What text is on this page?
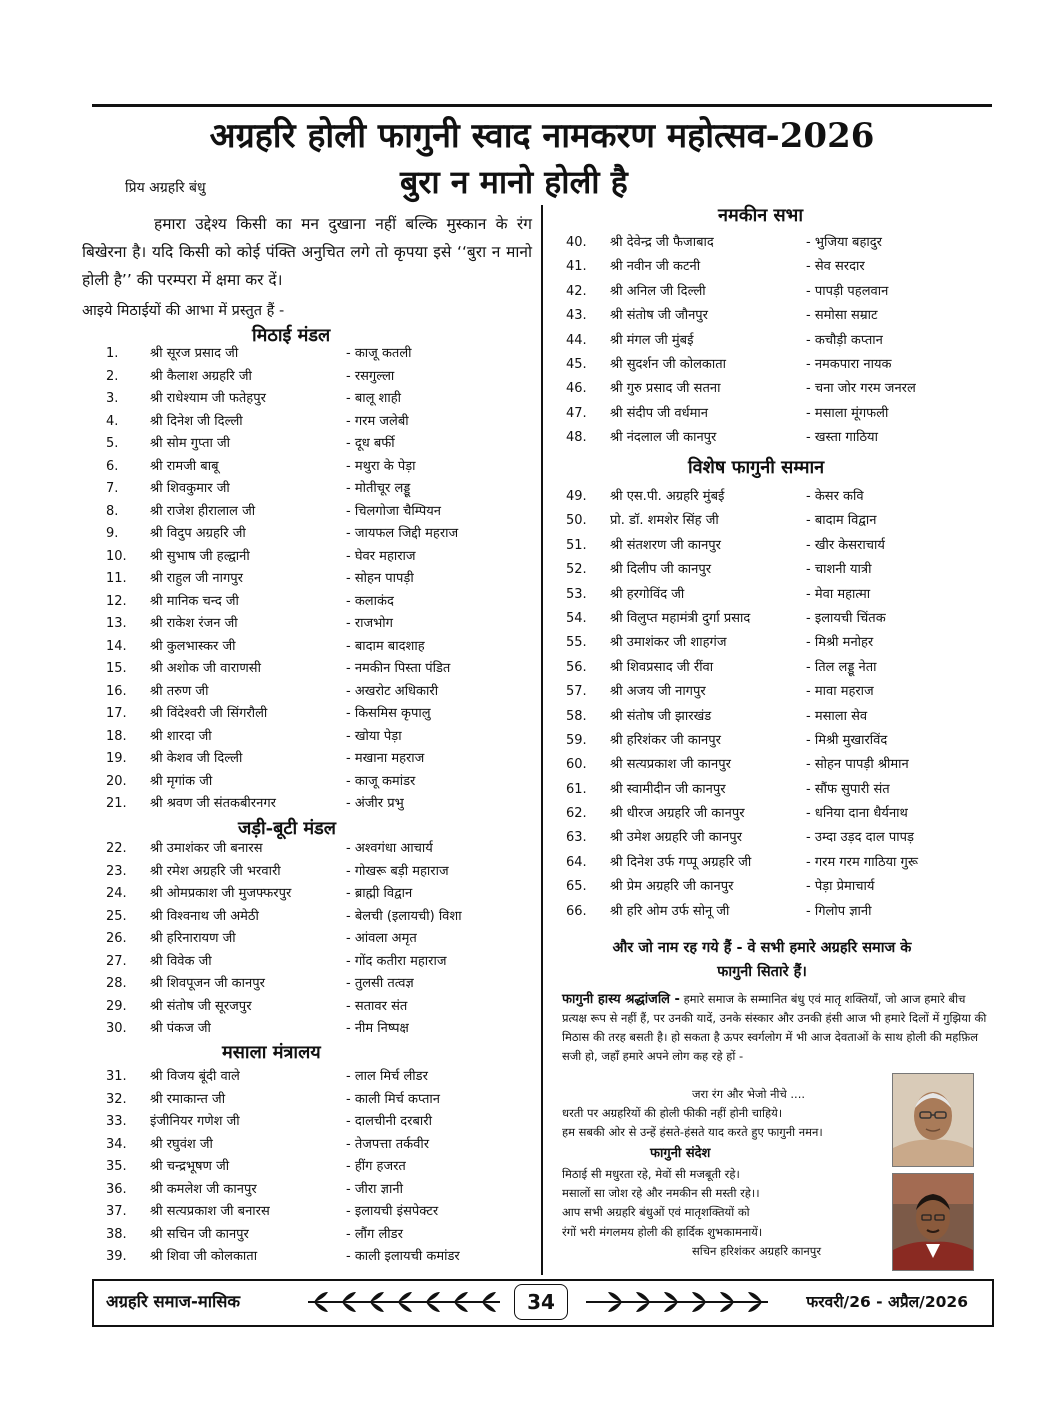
अग्रहरि होली फागुनी स्वाद नामकरण महोत्सव-2026
प्रिय अग्रहरि बंधु	बुरा न मानो होली है

हमारा उद्देश्य किसी का मन दुखाना नहीं बल्कि मुस्कान के रंग बिखेरना है। यदि किसी को कोई पंक्ति अनुचित लगे तो कृपया इसे ‘‘बुरा न मानो होली है’’ की परम्परा में क्षमा कर दें।

आइये मिठाईयों की आभा में प्रस्तुत हैं -
मिठाई मंडल
1. श्री सूरज प्रसाद जी	- काजू कतली
2. श्री कैलाश अग्रहरि जी	- रसगुल्ला
3. श्री राधेश्याम जी फतेहपुर	- बालू शाही
4. श्री दिनेश जी दिल्ली	- गरम जलेबी
5. श्री सोम गुप्ता जी	- दूध बर्फी
6. श्री रामजी बाबू	- मथुरा के पेड़ा
7. श्री शिवकुमार जी	- मोतीचूर लड्डू
8. श्री राजेश हीरालाल जी	- चिलगोजा चैम्पियन
9. श्री विदुप अग्रहरि जी	- जायफल जिद्दी महराज
10. श्री सुभाष जी हल्द्वानी	- घेवर महाराज
11. श्री राहुल जी नागपुर	- सोहन पापड़ी
12. श्री मानिक चन्द जी	- कलाकंद
13. श्री राकेश रंजन जी	- राजभोग
14. श्री कुलभास्कर जी	- बादाम बादशाह
15. श्री अशोक जी वाराणसी	- नमकीन पिस्ता पंडित
16. श्री तरुण जी	- अखरोट अधिकारी
17. श्री विंदेश्वरी जी सिंगरौली	- किसमिस कृपालु
18. श्री शारदा जी	- खोया पेड़ा
19. श्री केशव जी दिल्ली	- मखाना महराज
20. श्री मृगांक जी	- काजू कमांडर
21. श्री श्रवण जी संतकबीरनगर	- अंजीर प्रभु
जड़ी-बूटी मंडल
22. श्री उमाशंकर जी बनारस	- अश्वगंधा आचार्य
23. श्री रमेश अग्रहरि जी भरवारी	- गोखरू बड़ी महाराज
24. श्री ओमप्रकाश जी मुजफ्फरपुर	- ब्राह्मी विद्वान
25. श्री विश्वनाथ जी अमेठी	- बेलची (इलायची) विशा
26. श्री हरिनारायण जी	- आंवला अमृत
27. श्री विवेक जी	- गोंद कतीरा महाराज
28. श्री शिवपूजन जी कानपुर	- तुलसी तत्वज्ञ
29. श्री संतोष जी सूरजपुर	- सतावर संत
30. श्री पंकज जी	- नीम निष्पक्ष
मसाला मंत्रालय
31. श्री विजय बूंदी वाले	- लाल मिर्च लीडर
32. श्री रमाकान्त जी	- काली मिर्च कप्तान
33. इंजीनियर गणेश जी	- दालचीनी दरबारी
34. श्री रघुवंश जी	- तेजपत्ता तर्कवीर
35. श्री चन्द्रभूषण जी	- हींग हजरत
36. श्री कमलेश जी कानपुर	- जीरा ज्ञानी
37. श्री सत्यप्रकाश जी बनारस	- इलायची इंसपेक्टर
38. श्री सचिन जी कानपुर	- लौंग लीडर
39. श्री शिवा जी कोलकाता	- काली इलायची कमांडर
नमकीन सभा
40. श्री देवेन्द्र जी फैजाबाद	- भुजिया बहादुर
41. श्री नवीन जी कटनी	- सेव सरदार
42. श्री अनिल जी दिल्ली	- पापड़ी पहलवान
43. श्री संतोष जी जौनपुर	- समोसा सम्राट
44. श्री मंगल जी मुंबई	- कचौड़ी कप्तान
45. श्री सुदर्शन जी कोलकाता	- नमकपारा नायक
46. श्री गुरु प्रसाद जी सतना	- चना जोर गरम जनरल
47. श्री संदीप जी वर्धमान	- मसाला मूंगफली
48. श्री नंदलाल जी कानपुर	- खस्ता गाठिया
विशेष फागुनी सम्मान
49. श्री एस.पी. अग्रहरि मुंबई	- केसर कवि
50. प्रो. डॉ. शमशेर सिंह जी	- बादाम विद्वान
51. श्री संतशरण जी कानपुर	- खीर केसराचार्य
52. श्री दिलीप जी कानपुर	- चाशनी यात्री
53. श्री हरगोविंद जी	- मेवा महात्मा
54. श्री विलुप्त महामंत्री दुर्गा प्रसाद	- इलायची चिंतक
55. श्री उमाशंकर जी शाहगंज	- मिश्री मनोहर
56. श्री शिवप्रसाद जी रींवा	- तिल लड्डू नेता
57. श्री अजय जी नागपुर	- मावा महराज
58. श्री संतोष जी झारखंड	- मसाला सेव
59. श्री हरिशंकर जी कानपुर	- मिश्री मुखारविंद
60. श्री सत्यप्रकाश जी कानपुर	- सोहन पापड़ी श्रीमान
61. श्री स्वामीदीन जी कानपुर	- सौंफ सुपारी संत
62. श्री धीरज अग्रहरि जी कानपुर	- धनिया दाना धैर्यनाथ
63. श्री उमेश अग्रहरि जी कानपुर	- उम्दा उड़द दाल पापड़
64. श्री दिनेश उर्फ गप्पू अग्रहरि जी	- गरम गरम गाठिया गुरू
65. श्री प्रेम अग्रहरि जी कानपुर	- पेड़ा प्रेमाचार्य
66. श्री हरि ओम उर्फ सोनू जी	- गिलोप ज्ञानी
और जो नाम रह गये हैं - वे सभी हमारे अग्रहरि समाज के
फागुनी सितारे हैं।

फागुनी हास्य श्रद्धांजलि - हमारे समाज के सम्मानित बंधु एवं मातृ शक्तियाँ, जो आज हमारे बीच प्रत्यक्ष रूप से नहीं हैं, पर उनकी यादें, उनके संस्कार और उनकी हंसी आज भी हमारे दिलों में गुझिया की मिठास की तरह बसती है। हो सकता है ऊपर स्वर्गलोग में भी आज देवताओं के साथ होली की महफ़िल सजी हो, जहाँ हमारे अपने लोग कह रहे हों -

जरा रंग और भेजो नीचे ....
धरती पर अग्रहरियों की होली फीकी नहीं होनी चाहिये।
हम सबकी ओर से उन्हें हंसते-हंसते याद करते हुए फागुनी नमन।
फागुनी संदेश
मिठाई सी मधुरता रहे, मेवों सी मजबूती रहे।
मसालों सा जोश रहे और नमकीन सी मस्ती रहे।।
आप सभी अग्रहरि बंधुओं एवं मातृशक्तियों को
रंगों भरी मंगलमय होली की हार्दिक शुभकामनायें।
सचिन हरिशंकर अग्रहरि कानपुर
अग्रहरि समाज-मासिक	34	फरवरी/26 - अप्रैल/2026
